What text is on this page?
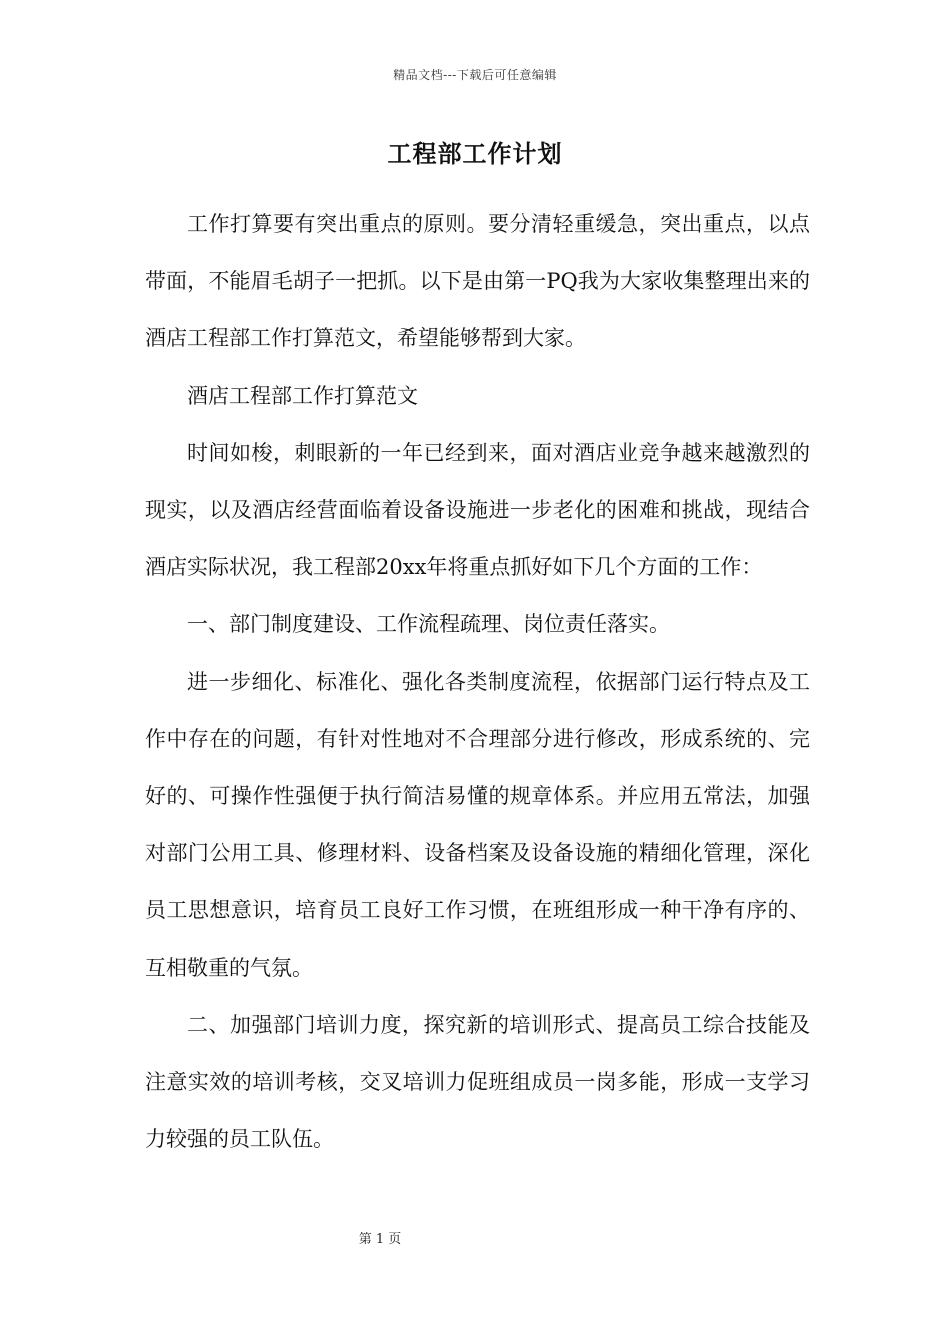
精品文档---下载后可任意编辑
工程部工作计划

工作打算要有突出重点的原则。要分清轻重缓急，突出重点，以点带面，不能眉毛胡子一把抓。以下是由第一PQ我为大家收集整理出来的酒店工程部工作打算范文，希望能够帮到大家。

酒店工程部工作打算范文

时间如梭，刺眼新的一年已经到来，面对酒店业竞争越来越激烈的现实，以及酒店经营面临着设备设施进一步老化的困难和挑战，现结合酒店实际状况，我工程部20xx年将重点抓好如下几个方面的工作：

一、部门制度建设、工作流程疏理、岗位责任落实。

进一步细化、标准化、强化各类制度流程，依据部门运行特点及工作中存在的问题，有针对性地对不合理部分进行修改，形成系统的、完好的、可操作性强便于执行简洁易懂的规章体系。并应用五常法，加强对部门公用工具、修理材料、设备档案及设备设施的精细化管理，深化员工思想意识，培育员工良好工作习惯，在班组形成一种干净有序的、互相敬重的气氛。

二、加强部门培训力度，探究新的培训形式、提高员工综合技能及注意实效的培训考核，交叉培训力促班组成员一岗多能，形成一支学习力较强的员工队伍。

第 1 页
